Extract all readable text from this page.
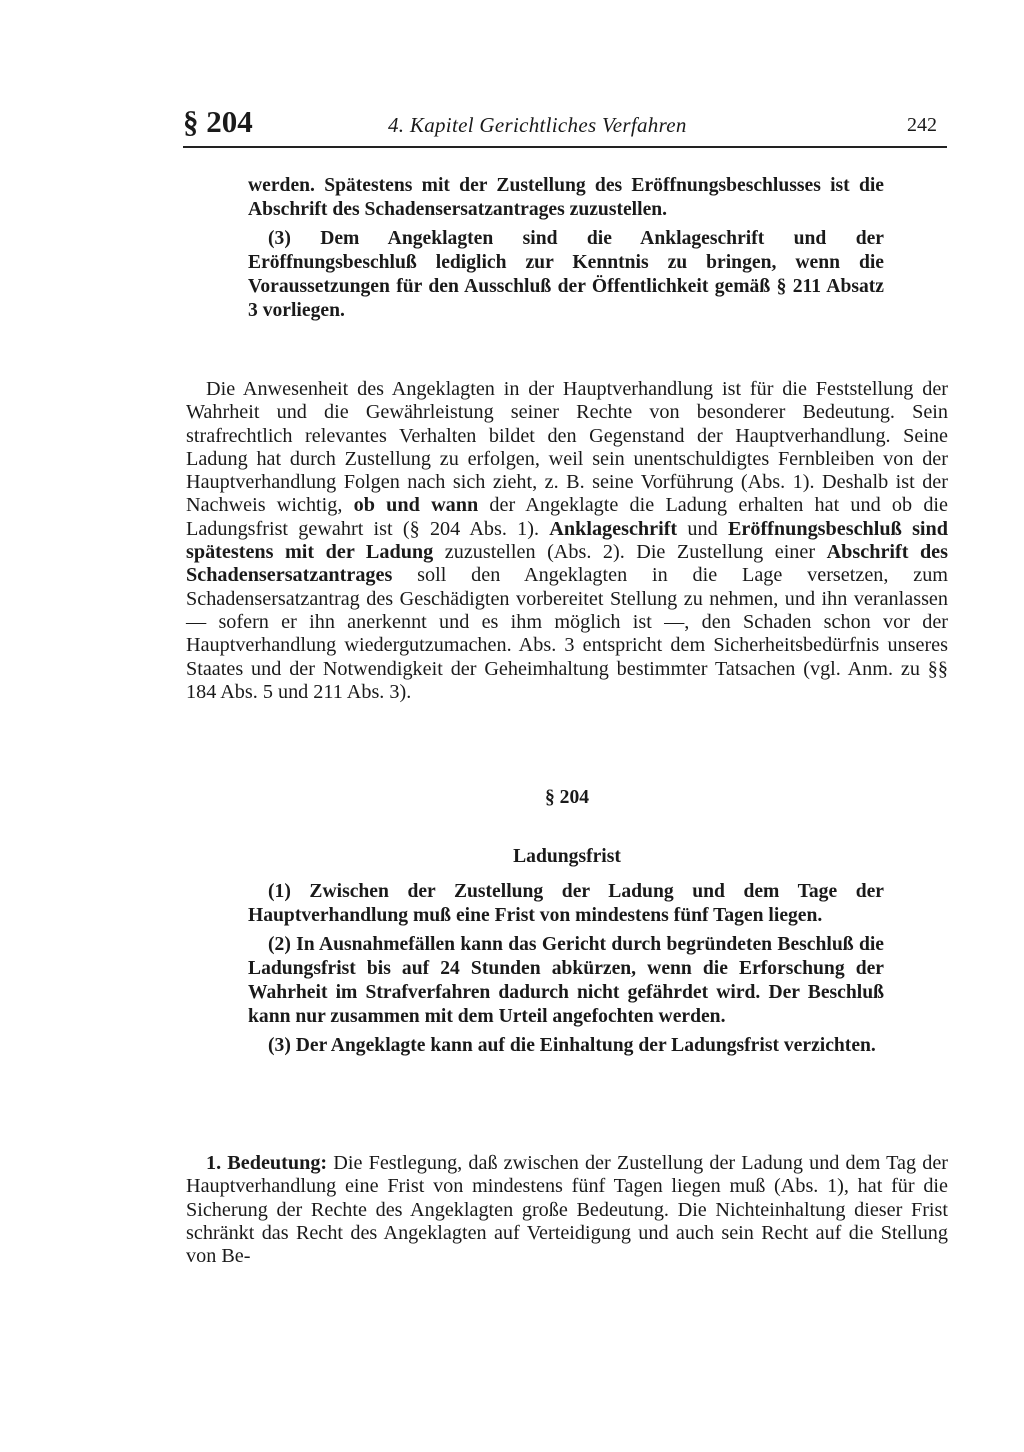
§ 204	4. Kapitel Gerichtliches Verfahren	242

werden. Spätestens mit der Zustellung des Eröffnungsbeschlusses ist die Abschrift des Schadensersatzantrages zuzustellen.

(3) Dem Angeklagten sind die Anklageschrift und der Eröffnungsbeschluß lediglich zur Kenntnis zu bringen, wenn die Voraussetzungen für den Ausschluß der Öffentlichkeit gemäß § 211 Absatz 3 vorliegen.

Die Anwesenheit des Angeklagten in der Hauptverhandlung ist für die Feststellung der Wahrheit und die Gewährleistung seiner Rechte von besonderer Bedeutung. Sein strafrechtlich relevantes Verhalten bildet den Gegenstand der Hauptverhandlung. Seine Ladung hat durch Zustellung zu erfolgen, weil sein unentschuldigtes Fernbleiben von der Hauptverhandlung Folgen nach sich zieht, z. B. seine Vorführung (Abs. 1). Deshalb ist der Nachweis wichtig, ob und wann der Angeklagte die Ladung erhalten hat und ob die Ladungsfrist gewahrt ist (§ 204 Abs. 1). Anklageschrift und Eröffnungsbeschluß sind spätestens mit der Ladung zuzustellen (Abs. 2). Die Zustellung einer Abschrift des Schadensersatzantrages soll den Angeklagten in die Lage versetzen, zum Schadensersatzantrag des Geschädigten vorbereitet Stellung zu nehmen, und ihn veranlassen — sofern er ihn anerkennt und es ihm möglich ist —, den Schaden schon vor der Hauptverhandlung wiedergutzumachen. Abs. 3 entspricht dem Sicherheitsbedürfnis unseres Staates und der Notwendigkeit der Geheimhaltung bestimmter Tatsachen (vgl. Anm. zu §§ 184 Abs. 5 und 211 Abs. 3).

§ 204
Ladungsfrist

(1) Zwischen der Zustellung der Ladung und dem Tage der Hauptverhandlung muß eine Frist von mindestens fünf Tagen liegen.

(2) In Ausnahmefällen kann das Gericht durch begründeten Beschluß die Ladungsfrist bis auf 24 Stunden abkürzen, wenn die Erforschung der Wahrheit im Strafverfahren dadurch nicht gefährdet wird. Der Beschluß kann nur zusammen mit dem Urteil angefochten werden.

(3) Der Angeklagte kann auf die Einhaltung der Ladungsfrist verzichten.

1. Bedeutung: Die Festlegung, daß zwischen der Zustellung der Ladung und dem Tag der Hauptverhandlung eine Frist von mindestens fünf Tagen liegen muß (Abs. 1), hat für die Sicherung der Rechte des Angeklagten große Bedeutung. Die Nichteinhaltung dieser Frist schränkt das Recht des Angeklagten auf Verteidigung und auch sein Recht auf die Stellung von Be-
